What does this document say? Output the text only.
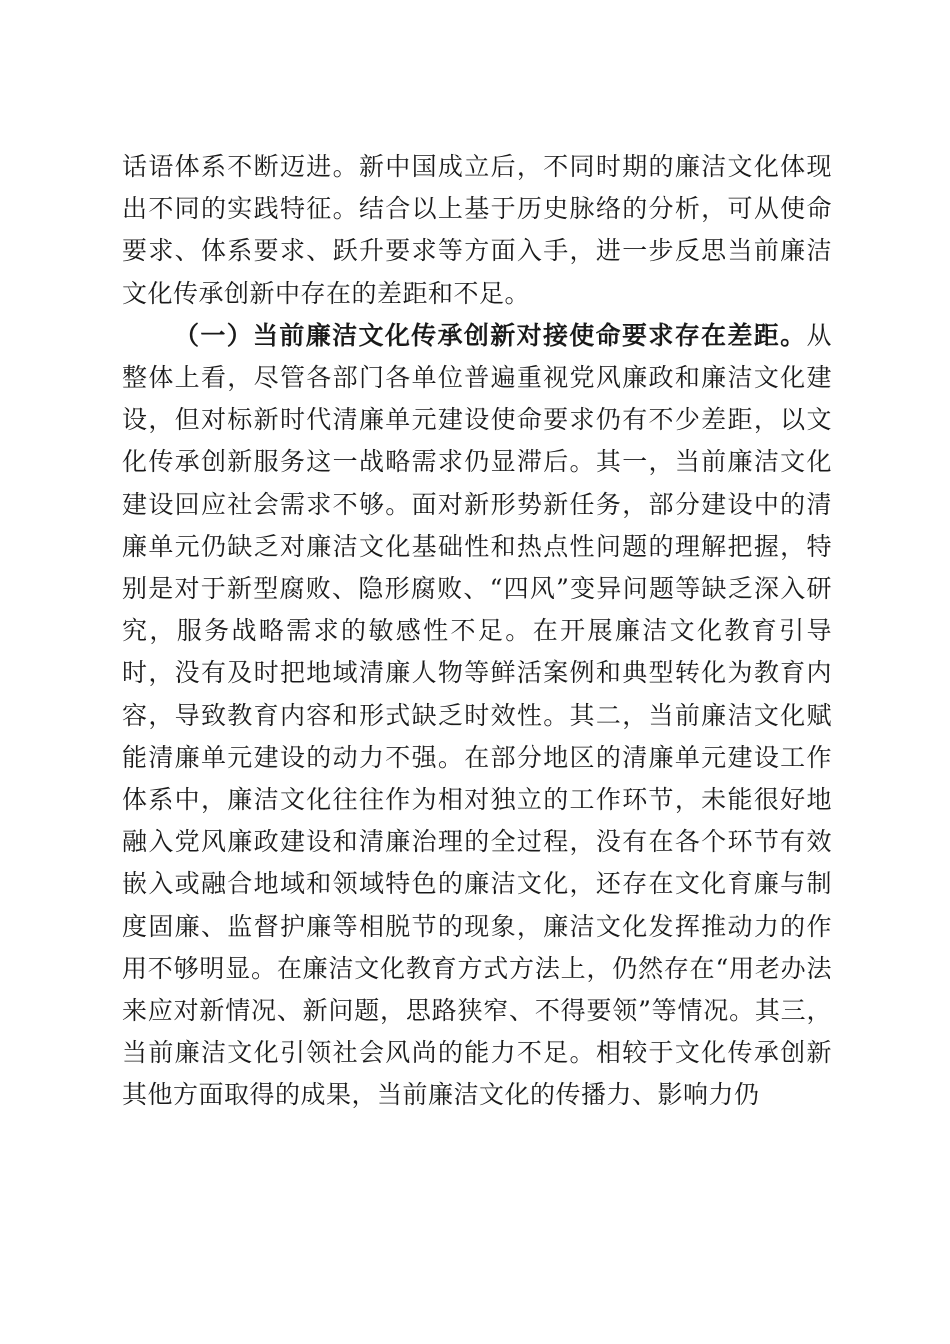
话语体系不断迈进。新中国成立后，不同时期的廉洁文化体现出不同的实践特征。结合以上基于历史脉络的分析，可从使命要求、体系要求、跃升要求等方面入手，进一步反思当前廉洁文化传承创新中存在的差距和不足。

（一）当前廉洁文化传承创新对接使命要求存在差距。从整体上看，尽管各部门各单位普遍重视党风廉政和廉洁文化建设，但对标新时代清廉单元建设使命要求仍有不少差距，以文化传承创新服务这一战略需求仍显滞后。其一，当前廉洁文化建设回应社会需求不够。面对新形势新任务，部分建设中的清廉单元仍缺乏对廉洁文化基础性和热点性问题的理解把握，特别是对于新型腐败、隐形腐败、“四风”变异问题等缺乏深入研究，服务战略需求的敏感性不足。在开展廉洁文化教育引导时，没有及时把地域清廉人物等鲜活案例和典型转化为教育内容，导致教育内容和形式缺乏时效性。其二，当前廉洁文化赋能清廉单元建设的动力不强。在部分地区的清廉单元建设工作体系中，廉洁文化往往作为相对独立的工作环节，未能很好地融入党风廉政建设和清廉治理的全过程，没有在各个环节有效嵌入或融合地域和领域特色的廉洁文化，还存在文化育廉与制度固廉、监督护廉等相脱节的现象，廉洁文化发挥推动力的作用不够明显。在廉洁文化教育方式方法上，仍然存在“用老办法来应对新情况、新问题，思路狭窄、不得要领”等情况。其三，当前廉洁文化引领社会风尚的能力不足。相较于文化传承创新其他方面取得的成果，当前廉洁文化的传播力、影响力仍
